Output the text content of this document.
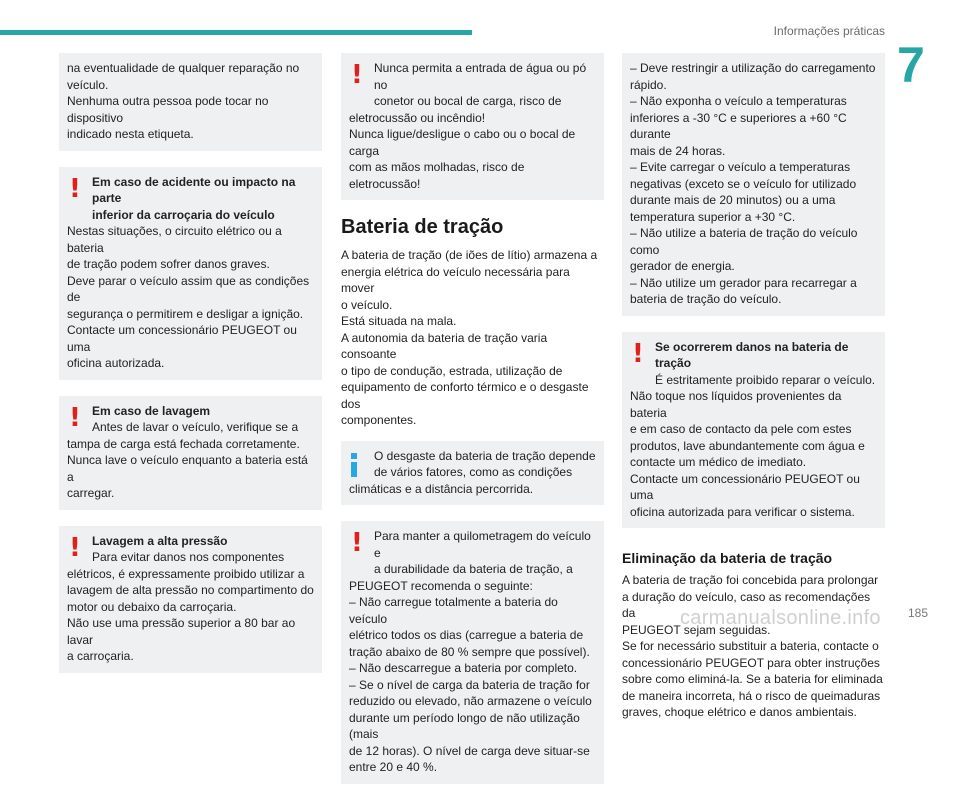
Informações práticas
7

na eventualidade de qualquer reparação no

veículo.

Nenhuma outra pessoa pode tocar no dispositivo

indicado nesta etiqueta.

! Em caso de acidente ou impacto na parte

inferior da carroçaria do veículo

Nestas situações, o circuito elétrico ou a bateria

de tração podem sofrer danos graves.

Deve parar o veículo assim que as condições de

segurança o permitirem e desligar a ignição.

Contacte um concessionário PEUGEOT ou uma

oficina autorizada.

! Em caso de lavagem

Antes de lavar o veículo, verifique se a

tampa de carga está fechada corretamente.

Nunca lave o veículo enquanto a bateria está a

carregar.

! Lavagem a alta pressão

Para evitar danos nos componentes

elétricos, é expressamente proibido utilizar a

lavagem de alta pressão no compartimento do

motor ou debaixo da carroçaria.

Não use uma pressão superior a 80 bar ao lavar

a carroçaria.

! Nunca permita a entrada de água ou pó no

conetor ou bocal de carga, risco de

eletrocussão ou incêndio!

Nunca ligue/desligue o cabo ou o bocal de carga

com as mãos molhadas, risco de eletrocussão!

Bateria de tração
A bateria de tração (de iões de lítio) armazena a
energia elétrica do veículo necessária para mover
o veículo.
Está situada na mala.
A autonomia da bateria de tração varia consoante
o tipo de condução, estrada, utilização de
equipamento de conforto térmico e o desgaste dos
componentes.

O desgaste da bateria de tração depende

de vários fatores, como as condições

climáticas e a distância percorrida.

! Para manter a quilometragem do veículo e

a durabilidade da bateria de tração, a

PEUGEOT recomenda o seguinte:

– Não carregue totalmente a bateria do veículo

elétrico todos os dias (carregue a bateria de

tração abaixo de 80 % sempre que possível).

– Não descarregue a bateria por completo.

– Se o nível de carga da bateria de tração for

reduzido ou elevado, não armazene o veículo

durante um período longo de não utilização (mais

de 12 horas). O nível de carga deve situar-se

entre 20 e 40 %.

– Deve restringir a utilização do carregamento

rápido.

– Não exponha o veículo a temperaturas

inferiores a -30 °C e superiores a +60 °C durante

mais de 24 horas.

– Evite carregar o veículo a temperaturas

negativas (exceto se o veículo for utilizado

durante mais de 20 minutos) ou a uma

temperatura superior a +30 °C.

– Não utilize a bateria de tração do veículo como

gerador de energia.

– Não utilize um gerador para recarregar a

bateria de tração do veículo.

! Se ocorrerem danos na bateria de tração

É estritamente proibido reparar o veículo.

Não toque nos líquidos provenientes da bateria

e em caso de contacto da pele com estes

produtos, lave abundantemente com água e

contacte um médico de imediato.

Contacte um concessionário PEUGEOT ou uma

oficina autorizada para verificar o sistema.

Eliminação da bateria de tração
A bateria de tração foi concebida para prolongar
a duração do veículo, caso as recomendações da
PEUGEOT sejam seguidas.
Se for necessário substituir a bateria, contacte o
concessionário PEUGEOT para obter instruções
sobre como eliminá-la. Se a bateria for eliminada
de maneira incorreta, há o risco de queimaduras
graves, choque elétrico e danos ambientais.
carmanualsonline.info 185
